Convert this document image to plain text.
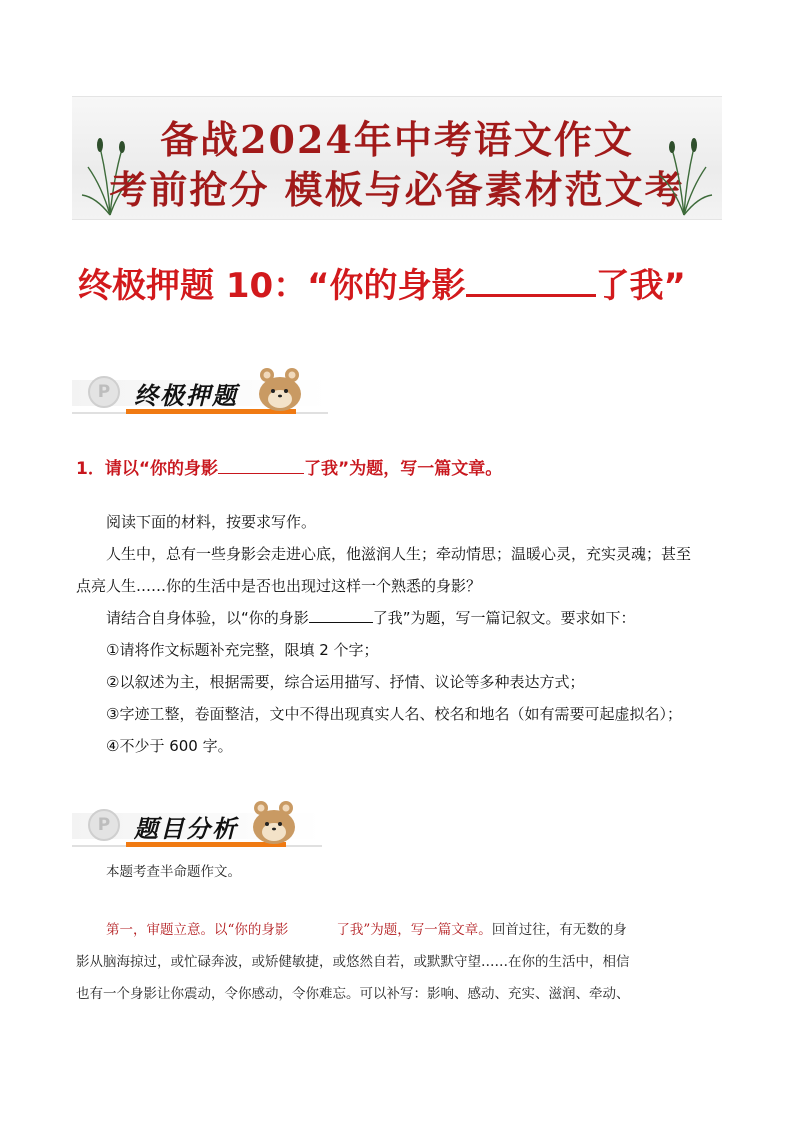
备战2024年中考语文作文
考前抢分 模板与必备素材范文考
终极押题 10：“你的身影	了我”
P 终极押题
1．请以“你的身影	了我”为题，写一篇文章。
阅读下面的材料，按要求写作。
人生中，总有一些身影会走进心底，他滋润人生；牵动情思；温暖心灵，充实灵魂；甚至
点亮人生……你的生活中是否也出现过这样一个熟悉的身影？
请结合自身体验，以“你的身影	了我”为题，写一篇记叙文。要求如下：
①请将作文标题补充完整，限填 2 个字；
②以叙述为主，根据需要，综合运用描写、抒情、议论等多种表达方式；
③字迹工整，卷面整洁，文中不得出现真实人名、校名和地名（如有需要可起虚拟名）；
④不少于 600 字。
P 题目分析
本题考查半命题作文。
第一，审题立意。以“你的身影	了我”为题，写一篇文章。回首过往，有无数的身
影从脑海掠过，或忙碌奔波，或矫健敏捷，或悠然自若，或默默守望……在你的生活中，相信
也有一个身影让你震动，令你感动，令你难忘。可以补写：影响、感动、充实、滋润、牵动、
